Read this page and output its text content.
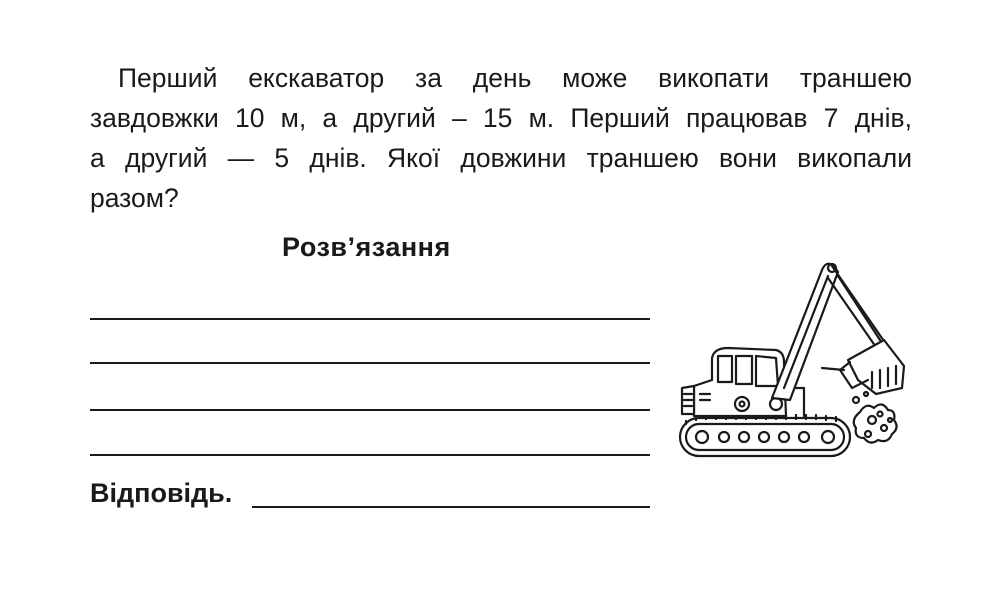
Перший екскаватор за день може викопати траншею
завдовжки 10 м, а другий – 15 м. Перший працював 7 днів,
а другий — 5 днів. Якої довжини траншею вони викопали
разом?

Розв’язання

Відповідь.
